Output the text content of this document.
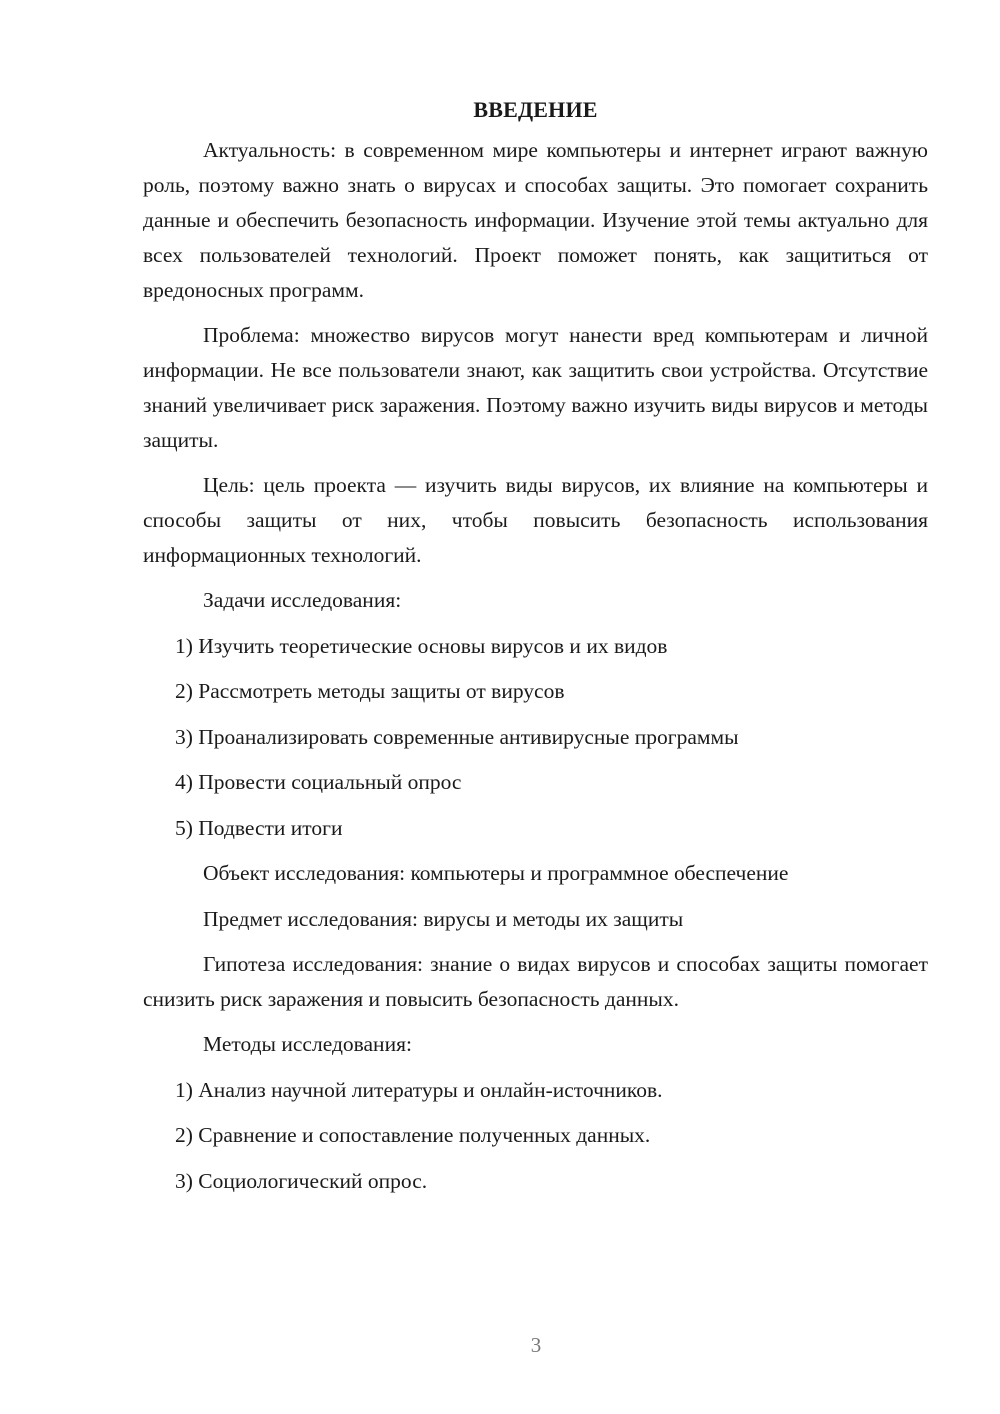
ВВЕДЕНИЕ

Актуальность: в современном мире компьютеры и интернет играют важную роль, поэтому важно знать о вирусах и способах защиты. Это помогает сохранить данные и обеспечить безопасность информации. Изучение этой темы актуально для всех пользователей технологий. Проект поможет понять, как защититься от вредоносных программ.

Проблема: множество вирусов могут нанести вред компьютерам и личной информации. Не все пользователи знают, как защитить свои устройства. Отсутствие знаний увеличивает риск заражения. Поэтому важно изучить виды вирусов и методы защиты.

Цель: цель проекта — изучить виды вирусов, их влияние на компьютеры и способы защиты от них, чтобы повысить безопасность использования информационных технологий.

Задачи исследования:

1) Изучить теоретические основы вирусов и их видов

2) Рассмотреть методы защиты от вирусов

3) Проанализировать современные антивирусные программы

4) Провести социальный опрос

5) Подвести итоги

Объект исследования: компьютеры и программное обеспечение

Предмет исследования: вирусы и методы их защиты

Гипотеза исследования: знание о видах вирусов и способах защиты помогает снизить риск заражения и повысить безопасность данных.

Методы исследования:

1) Анализ научной литературы и онлайн-источников.

2) Сравнение и сопоставление полученных данных.

3) Социологический опрос.

3
